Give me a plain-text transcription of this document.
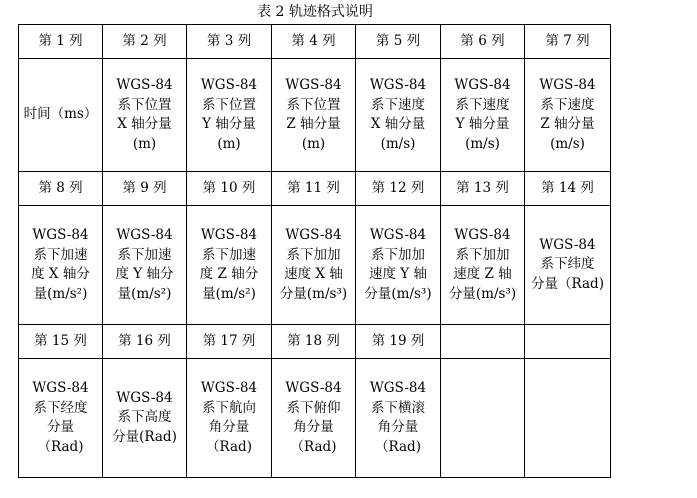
表 2 轨迹格式说明
第 1 列	第 2 列	第 3 列	第 4 列	第 5 列	第 6 列	第 7 列

时间（ms）	WGS-84
系下位置
X 轴分量
(m)	WGS-84
系下位置
Y 轴分量
(m)	WGS-84
系下位置
Z 轴分量
(m)	WGS-84
系下速度
X 轴分量
(m/s)	WGS-84
系下速度
Y 轴分量
(m/s)	WGS-84
系下速度
Z 轴分量
(m/s)

第 8 列	第 9 列	第 10 列	第 11 列	第 12 列	第 13 列	第 14 列

WGS-84
系下加速
度 X 轴分
量(m/s²)	WGS-84
系下加速
度 Y 轴分
量(m/s²)	WGS-84
系下加速
度 Z 轴分
量(m/s²)	WGS-84
系下加加
速度 X 轴
分量(m/s³)	WGS-84
系下加加
速度 Y 轴
分量(m/s³)	WGS-84
系下加加
速度 Z 轴
分量(m/s³)	WGS-84
系下纬度
分量（Rad)

第 15 列	第 16 列	第 17 列	第 18 列	第 19 列		

WGS-84
系下经度
分量
（Rad)	WGS-84
系下高度
分量(Rad)	WGS-84
系下航向
角分量
（Rad)	WGS-84
系下俯仰
角分量
（Rad)	WGS-84
系下横滚
角分量
（Rad)		
